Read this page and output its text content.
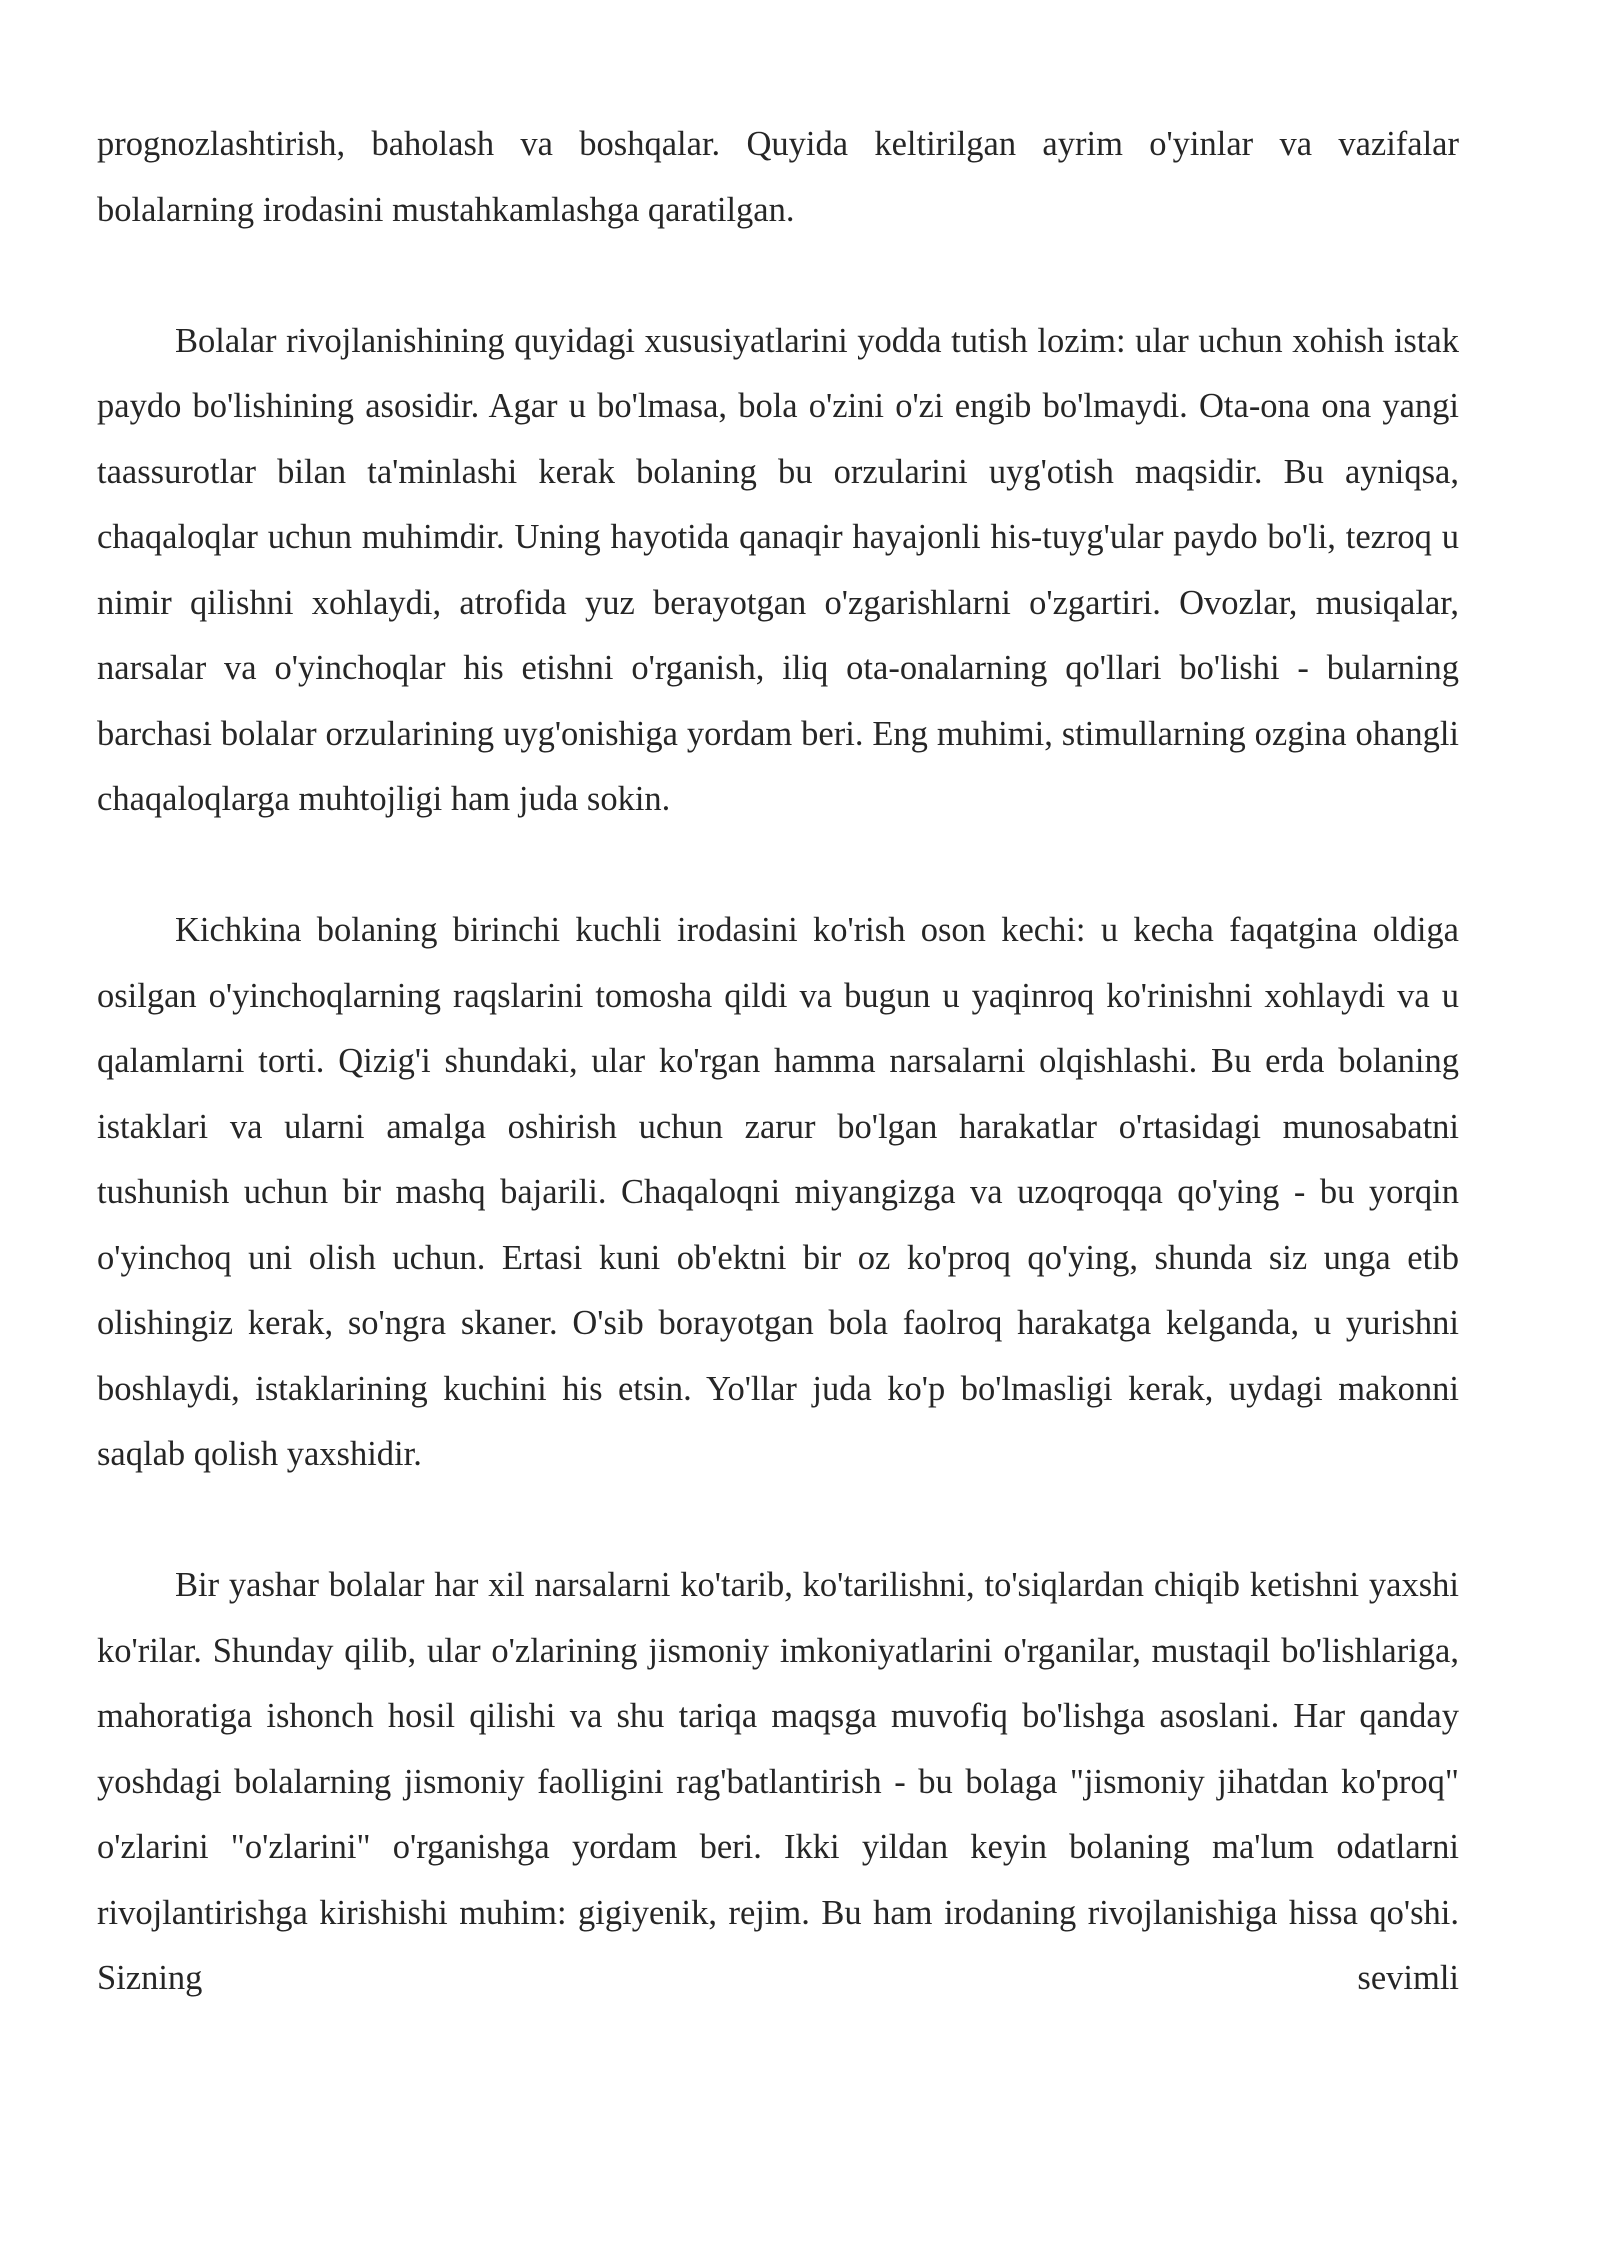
prognozlashtirish, baholash va boshqalar. Quyida keltirilgan ayrim o'yinlar va vazifalar bolalarning irodasini mustahkamlashga qaratilgan.

Bolalar rivojlanishining quyidagi xususiyatlarini yodda tutish lozim: ular uchun xohish istak paydo bo'lishining asosidir. Agar u bo'lmasa, bola o'zini o'zi engib bo'lmaydi. Ota-ona ona yangi taassurotlar bilan ta'minlashi kerak bolaning bu orzularini uyg'otish maqsidir. Bu ayniqsa, chaqaloqlar uchun muhimdir. Uning hayotida qanaqir hayajonli his-tuyg'ular paydo bo'li, tezroq u nimir qilishni xohlaydi, atrofida yuz berayotgan o'zgarishlarni o'zgartiri. Ovozlar, musiqalar, narsalar va o'yinchoqlar his etishni o'rganish, iliq ota-onalarning qo'llari bo'lishi - bularning barchasi bolalar orzularining uyg'onishiga yordam beri. Eng muhimi, stimullarning ozgina ohangli chaqaloqlarga muhtojligi ham juda sokin.

Kichkina bolaning birinchi kuchli irodasini ko'rish oson kechi: u kecha faqatgina oldiga osilgan o'yinchoqlarning raqslarini tomosha qildi va bugun u yaqinroq ko'rinishni xohlaydi va u qalamlarni torti. Qizig'i shundaki, ular ko'rgan hamma narsalarni olqishlashi. Bu erda bolaning istaklari va ularni amalga oshirish uchun zarur bo'lgan harakatlar o'rtasidagi munosabatni tushunish uchun bir mashq bajarili. Chaqaloqni miyangizga va uzoqroqqa qo'ying - bu yorqin o'yinchoq uni olish uchun. Ertasi kuni ob'ektni bir oz ko'proq qo'ying, shunda siz unga etib olishingiz kerak, so'ngra skaner. O'sib borayotgan bola faolroq harakatga kelganda, u yurishni boshlaydi, istaklarining kuchini his etsin. Yo'llar juda ko'p bo'lmasligi kerak, uydagi makonni saqlab qolish yaxshidir.

Bir yashar bolalar har xil narsalarni ko'tarib, ko'tarilishni, to'siqlardan chiqib ketishni yaxshi ko'rilar. Shunday qilib, ular o'zlarining jismoniy imkoniyatlarini o'rganilar, mustaqil bo'lishlariga, mahoratiga ishonch hosil qilishi va shu tariqa maqsga muvofiq bo'lishga asoslani. Har qanday yoshdagi bolalarning jismoniy faolligini rag'batlantirish - bu bolaga "jismoniy jihatdan ko'proq" o'zlarini "o'zlarini" o'rganishga yordam beri. Ikki yildan keyin bolaning ma'lum odatlarni rivojlantirishga kirishishi muhim: gigiyenik, rejim. Bu ham irodaning rivojlanishiga hissa qo'shi. Sizning sevimli
